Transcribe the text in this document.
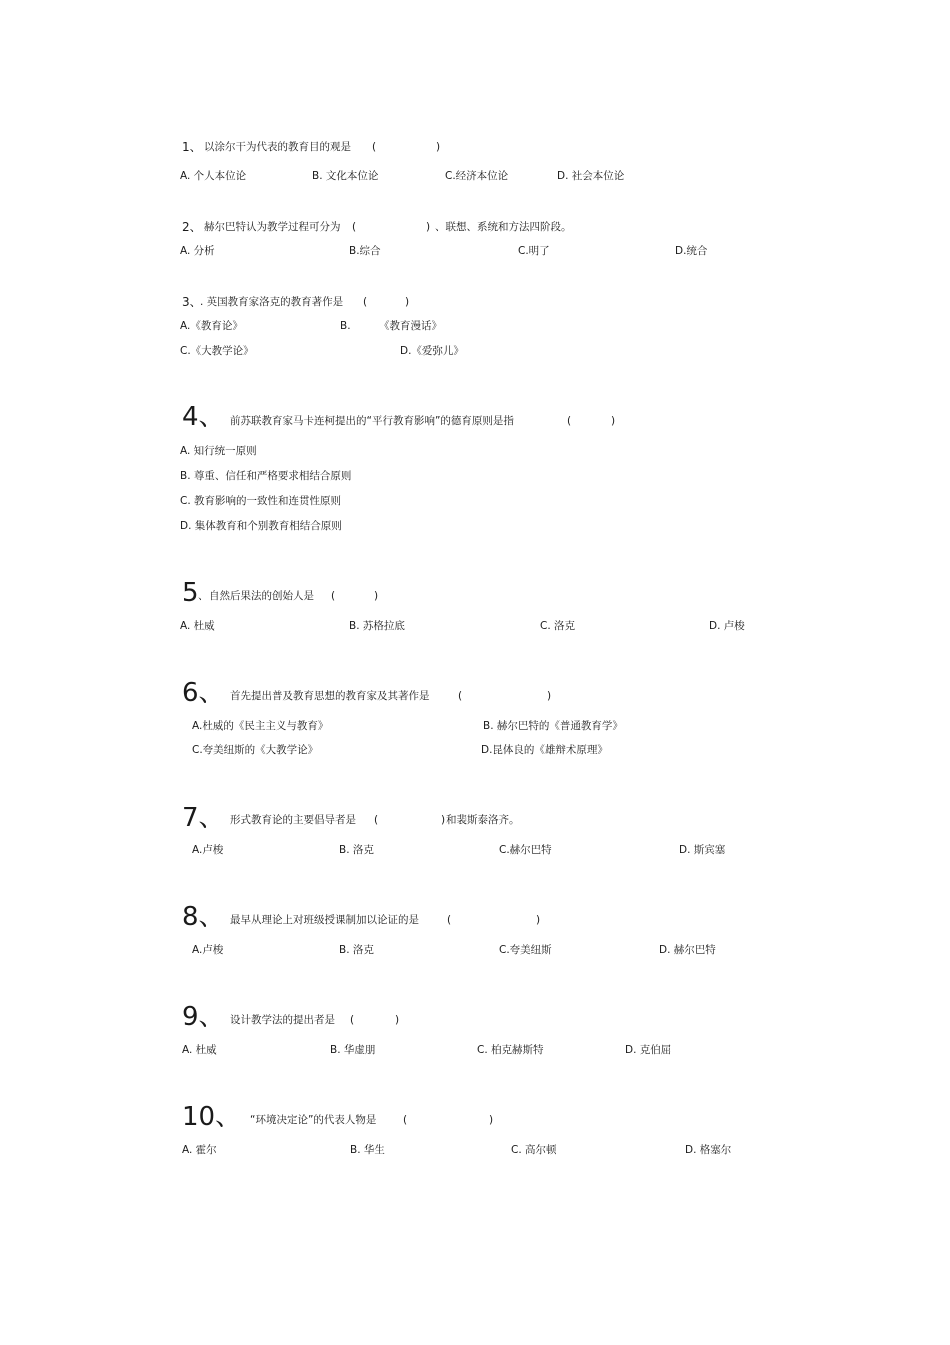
1、 以涂尔干为代表的教育目的观是 (	)
A. 个人本位论	B. 文化本位论	C.经济本位论	D. 社会本位论
2、 赫尔巴特认为教学过程可分为 (	) 、联想、系统和方法四阶段。
A. 分析	B.综合	C.明了	D.统合
3、
. 英国教育家洛克的教育著作是 (	)
A.《教育论》	B.	《教育漫话》
C.《大教学论》	D.《爱弥儿》
4、 前苏联教育家马卡连柯提出的“平行教育影响”的德育原则是指	(	)
A. 知行统一原则
B. 尊重、信任和严格要求相结合原则
C. 教育影响的一致性和连贯性原则
D. 集体教育和个别教育相结合原则
5 、 自然后果法的创始人是 (	)
A. 杜威	B. 苏格拉底	C. 洛克	D. 卢梭
6、 首先提出普及教育思想的教育家及其著作是	(	)
A.杜威的《民主主义与教育》	B. 赫尔巴特的《普通教育学》
C.夸美纽斯的《大教学论》	D.昆体良的《雄辩术原理》
7、 形式教育论的主要倡导者是 (	) 和裴斯泰洛齐。
A.卢梭	B. 洛克	C.赫尔巴特	D. 斯宾塞
8、 最早从理论上对班级授课制加以论证的是	(	)
A.卢梭	B. 洛克	C.夸美纽斯	D. 赫尔巴特
9、 设计教学法的提出者是 (	)
A. 杜威	B. 华虚朋	C. 柏克赫斯特	D. 克伯屈
10、 “环境决定论”的代表人物是	(	)
A. 霍尔	B. 华生	C. 高尔顿	D. 格塞尔
